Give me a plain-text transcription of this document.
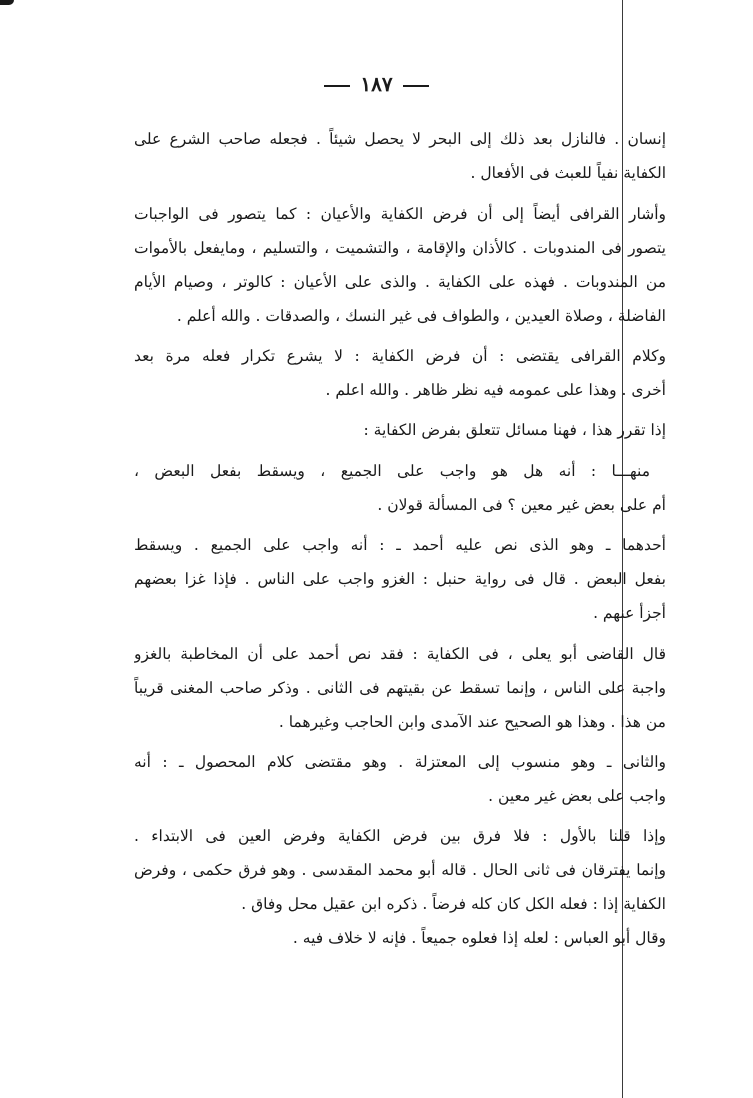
١٨٧
إنسان . فالنازل بعد ذلك إلى البحر لا يحصل شيئاً . فجعله صاحب الشرع على
الكفاية نفياً للعبث فى الأفعال .
وأشار القرافى أيضاً إلى أن فرض الكفاية والأعيان : كما يتصور فى الواجبات
يتصور فى المندوبات . كالأذان والإقامة ، والتشميت ، والتسليم ، ومايفعل بالأموات
من المندوبات . فهذه على الكفاية . والذى على الأعيان : كالوتر ، وصيام الأيام
الفاضلة ، وصلاة العيدين ، والطواف فى غير النسك ، والصدقات . والله أعلم .
وكلام القرافى يقتضى : أن فرض الكفاية : لا يشرع تكرار فعله مرة بعد
أخرى . وهذا على عمومه فيه نظر ظاهر . والله اعلم .
إذا تقرر هذا ، فهنا مسائل تتعلق بفرض الكفاية :
منهـــا : أنه هل هو واجب على الجميع ، ويسقط بفعل البعض ،
أم على بعض غير معين ؟ فى المسألة قولان .
أحدهما ـ وهو الذى نص عليه أحمد ـ : أنه واجب على الجميع . ويسقط
بفعل البعض . قال فى رواية حنبل : الغزو واجب على الناس . فإذا غزا بعضهم
أجزأ عنهم .
قال القاضى أبو يعلى ، فى الكفاية : فقد نص أحمد على أن المخاطبة بالغزو
واجبة على الناس ، وإنما تسقط عن بقيتهم فى الثانى . وذكر صاحب المغنى قريباً
من هذا . وهذا هو الصحيح عند الآمدى وابن الحاجب وغيرهما .
والثانى ـ وهو منسوب إلى المعتزلة . وهو مقتضى كلام المحصول ـ : أنه
واجب على بعض غير معين .
وإذا قلنا بالأول : فلا فرق بين فرض الكفاية وفرض العين فى الابتداء .
وإنما يفترقان فى ثانى الحال . قاله أبو محمد المقدسى . وهو فرق حكمى ، وفرض
الكفاية إذا : فعله الكل كان كله فرضاً . ذكره ابن عقيل محل وفاق .
وقال أبو العباس : لعله إذا فعلوه جميعاً . فإنه لا خلاف فيه .
